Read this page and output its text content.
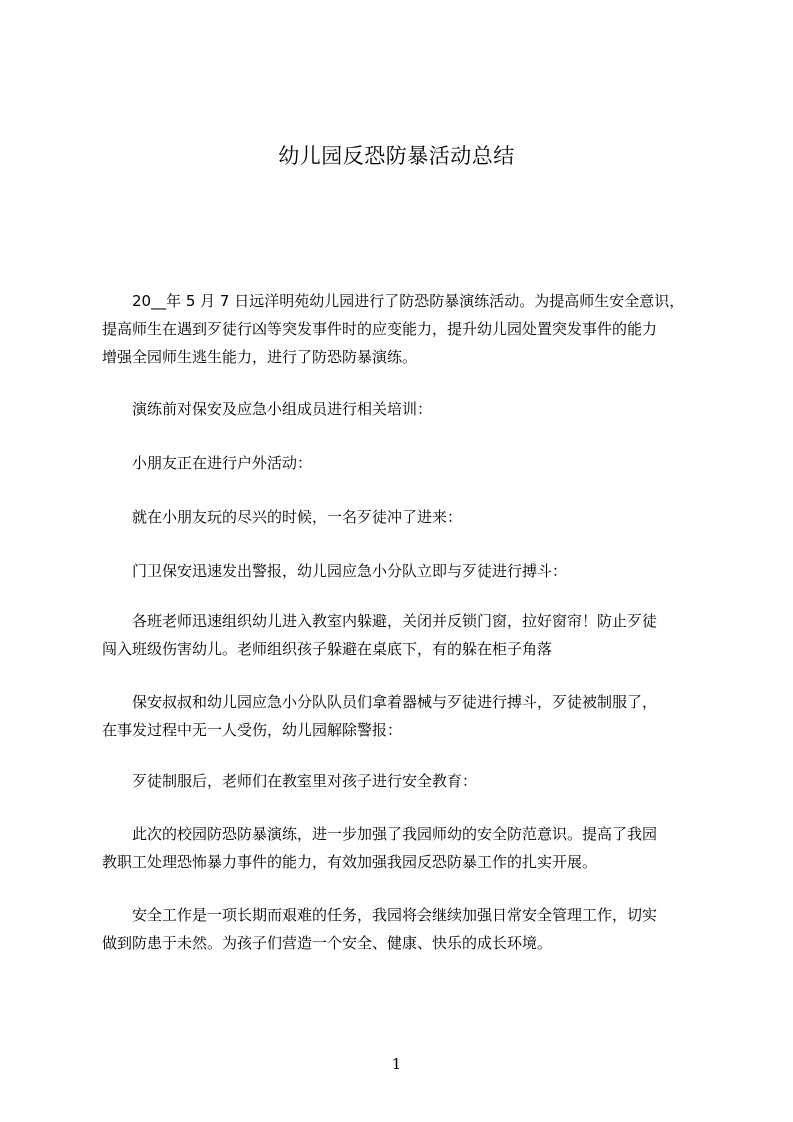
幼儿园反恐防暴活动总结
　　20__年 5 月 7 日远洋明苑幼儿园进行了防恐防暴演练活动。为提高师生安全意识，
提高师生在遇到歹徒行凶等突发事件时的应变能力，提升幼儿园处置突发事件的能力
增强全园师生逃生能力，进行了防恐防暴演练。
　　演练前对保安及应急小组成员进行相关培训：
　　小朋友正在进行户外活动：
　　就在小朋友玩的尽兴的时候，一名歹徒冲了进来：
　　门卫保安迅速发出警报，幼儿园应急小分队立即与歹徒进行搏斗：
　　各班老师迅速组织幼儿进入教室内躲避，关闭并反锁门窗，拉好窗帘！防止歹徒
闯入班级伤害幼儿。老师组织孩子躲避在桌底下，有的躲在柜子角落
　　保安叔叔和幼儿园应急小分队队员们拿着器械与歹徒进行搏斗，歹徒被制服了，
在事发过程中无一人受伤，幼儿园解除警报：
　　歹徒制服后，老师们在教室里对孩子进行安全教育：
　　此次的校园防恐防暴演练，进一步加强了我园师幼的安全防范意识。提高了我园
教职工处理恐怖暴力事件的能力，有效加强我园反恐防暴工作的扎实开展。
　　安全工作是一项长期而艰难的任务，我园将会继续加强日常安全管理工作，切实
做到防患于未然。为孩子们营造一个安全、健康、快乐的成长环境。
1
